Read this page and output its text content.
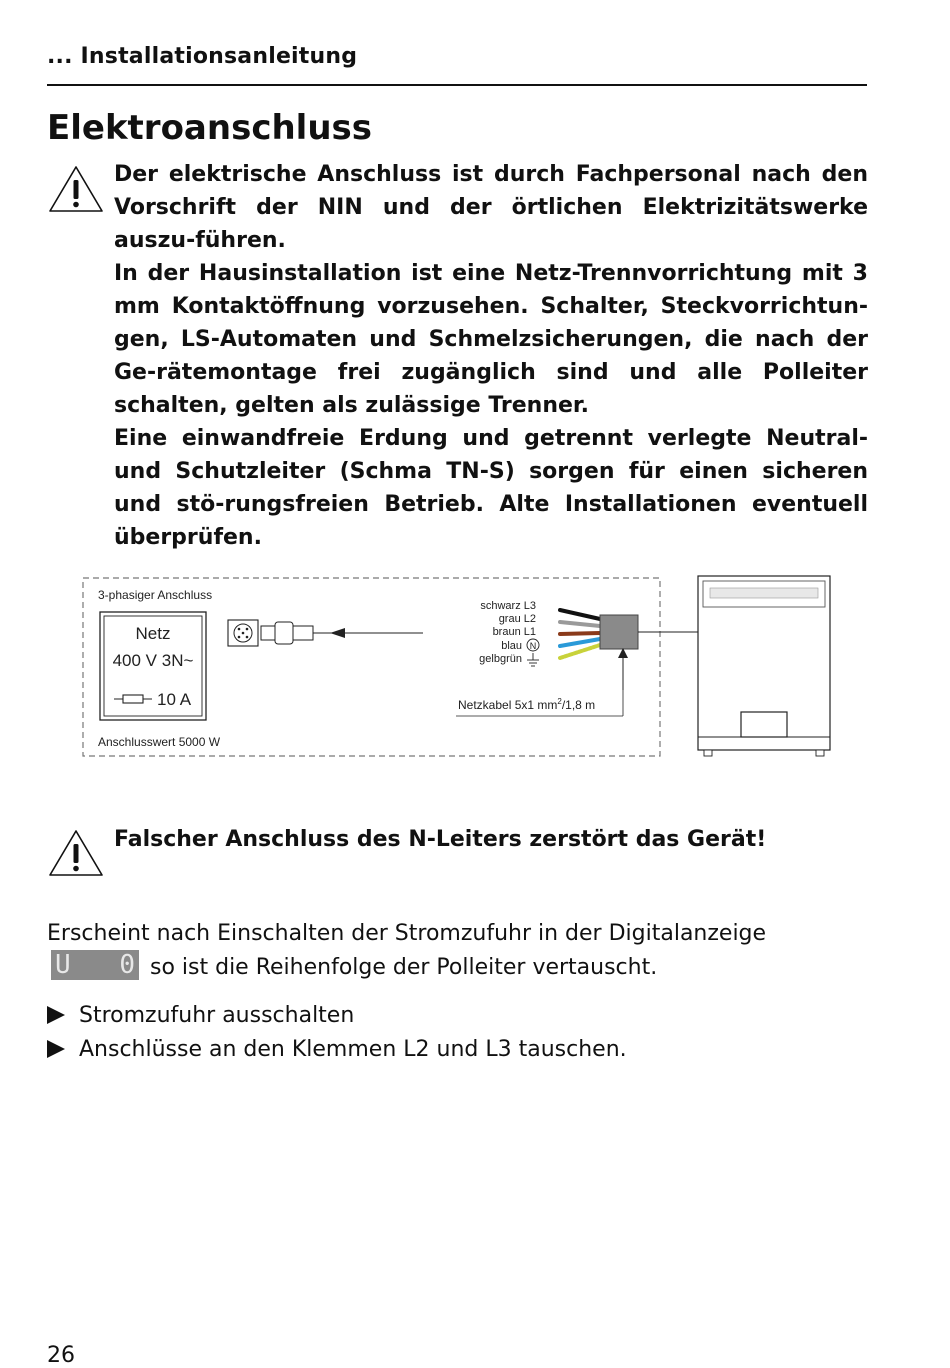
... Installationsanleitung
Elektroanschluss

Der elektrische Anschluss ist durch Fachpersonal nach den Vorschrift der NIN und der örtlichen Elektrizitätswerke auszu-führen.

In der Hausinstallation ist eine Netz-Trennvorrichtung mit 3 mm Kontaktöffnung vorzusehen. Schalter, Steckvorrichtun-gen, LS-Automaten und Schmelzsicherungen, die nach der Ge-rätemontage frei zugänglich sind und alle Polleiter schalten, gelten als zulässige Trenner.

Eine einwandfreie Erdung und getrennt verlegte Neutral- und Schutzleiter (Schma TN-S) sorgen für einen sicheren und stö-rungsfreien Betrieb. Alte Installationen eventuell überprüfen.

3-phasiger Anschluss
Netz
400 V 3N~
10 A
Anschlusswert 5000 W
schwarz L3
grau L2
braun L1
blau N
gelbgrün
Netzkabel 5x1 $mm^2/1,8$ m
Falscher Anschluss des N-Leiters zerstört das Gerät!
Erscheint nach Einschalten der Stromzufuhr in der Digitalanzeige
U 0 so ist die Reihenfolge der Polleiter vertauscht.
Stromzufuhr ausschalten
Anschlüsse an den Klemmen L2 und L3 tauschen.
26
